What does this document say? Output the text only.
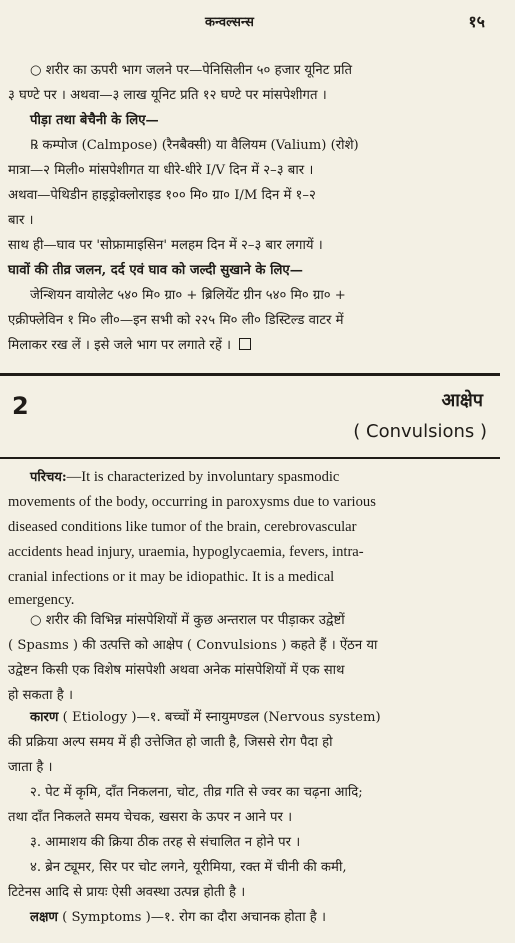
कन्वल्सन्स	१५

○ शरीर का ऊपरी भाग जलने पर—पेनिसिलीन ५० हजार यूनिट प्रति

३ घण्टे पर । अथवा—३ लाख यूनिट प्रति १२ घण्टे पर मांसपेशीगत ।

पीड़ा तथा बेचैनी के लिए—

℞ कम्पोज (Calmpose) (रैनबैक्सी) या वैलियम (Valium) (रोशे)

मात्रा—२ मिली० मांसपेशीगत या धीरे-धीरे I/V दिन में २–३ बार ।

अथवा—पेथिडीन हाइड्रोक्लोराइड १०० मि० ग्रा० I/M दिन में १–२

बार ।

साथ ही—घाव पर 'सोफ्रामाइसिन' मलहम दिन में २–३ बार लगायें ।

घावों की तीव्र जलन, दर्द एवं घाव को जल्दी सुखाने के लिए—

जेन्शियन वायोलेट ५४० मि० ग्रा० + ब्रिलियेंट ग्रीन ५४० मि० ग्रा० +

एक्रीफ्लेविन १ मि० ली०—इन सभी को २२५ मि० ली० डिस्टिल्ड वाटर में

मिलाकर रख लें । इसे जले भाग पर लगाते रहें ।

2	आक्षेप
( Convulsions )

परिचय:—It is characterized by involuntary spasmodic

movements of the body, occurring in paroxysms due to various

diseased conditions like tumor of the brain, cerebrovascular

accidents head injury, uraemia, hypoglycaemia, fevers, intra-

cranial infections or it may be idiopathic. It is a medical

emergency.

○ शरीर की विभिन्न मांसपेशियों में कुछ अन्तराल पर पीड़ाकर उद्वेष्टों

( Spasms ) की उत्पत्ति को आक्षेप ( Convulsions ) कहते हैं । ऐंठन या

उद्वेष्टन किसी एक विशेष मांसपेशी अथवा अनेक मांसपेशियों में एक साथ

हो सकता है ।

कारण ( Etiology )—१. बच्चों में स्नायुमण्डल (Nervous system)

की प्रक्रिया अल्प समय में ही उत्तेजित हो जाती है, जिससे रोग पैदा हो

जाता है ।

२. पेट में कृमि, दाँत निकलना, चोट, तीव्र गति से ज्वर का चढ़ना आदि;

तथा दाँत निकलते समय चेचक, खसरा के ऊपर न आने पर ।

३. आमाशय की क्रिया ठीक तरह से संचालित न होने पर ।

४. ब्रेन ट्यूमर, सिर पर चोट लगने, यूरीमिया, रक्त में चीनी की कमी,

टिटेनस आदि से प्रायः ऐसी अवस्था उत्पन्न होती है ।

लक्षण ( Symptoms )—१. रोग का दौरा अचानक होता है ।
